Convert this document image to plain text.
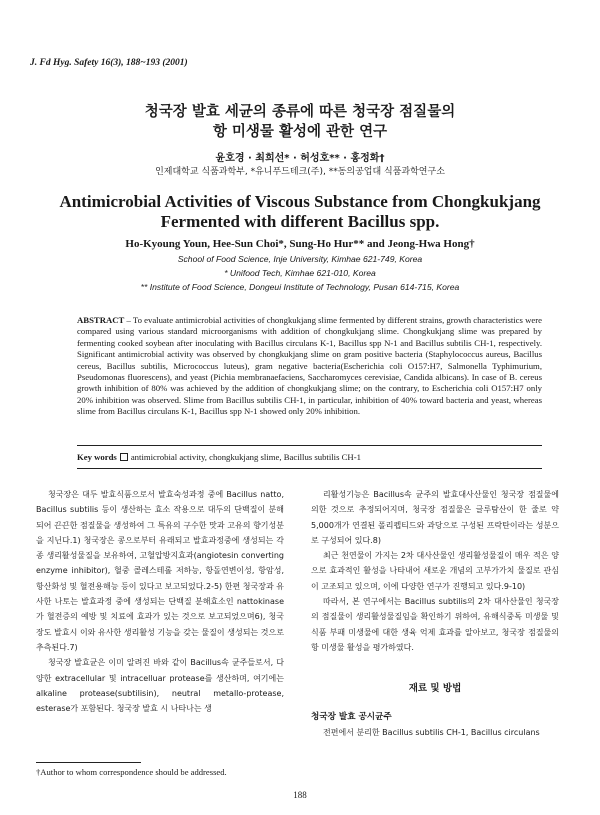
J. Fd Hyg. Safety 16(3), 188~193 (2001)
청국장 발효 세균의 종류에 따른 청국장 점질물의
항 미생물 활성에 관한 연구
윤호경 · 최희선* · 허성호** · 홍정화†
인제대학교 식품과학부, *유니푸드테크(주), **동의공업대 식품과학연구소
Antimicrobial Activities of Viscous Substance from Chongkukjang
Fermented with different Bacillus spp.
Ho-Kyoung Youn, Hee-Sun Choi*, Sung-Ho Hur** and Jeong-Hwa Hong†
School of Food Science, Inje University, Kimhae 621-749, Korea
* Unifood Tech, Kimhae 621-010, Korea
** Institute of Food Science, Dongeui Institute of Technology, Pusan 614-715, Korea
ABSTRACT – To evaluate antimicrobial activities of chongkukjang slime fermented by different strains, growth characteristics were compared using various standard microorganisms with addition of chongkukjang slime. Chongkukjang slime was prepared by fermenting cooked soybean after inoculating with Bacillus circulans K-1, Bacillus spp N-1 and Bacillus subtilis CH-1, respectively. Significant antimicrobial activity was observed by chongkukjang slime on gram positive bacteria (Staphylococcus aureus, Bacillus cereus, Bacillus subtilis, Micrococcus luteus), gram negative bacteria(Escherichia coli O157:H7, Salmonella Typhimurium, Pseudomonas fluorescens), and yeast (Pichia membranaefaciens, Saccharomyces cerevisiae, Candida albicans). In case of B. cereus growth inhibition of 80% was achieved by the addition of chongkukjang slime; on the contrary, to Escherichia coli O157:H7 only 20% inhibition was observed. Slime from Bacillus subtilis CH-1, in particular, inhibition of 40% toward bacteria and yeast, whereas slime from Bacillus circulans K-1, Bacillus spp N-1 showed only 20% inhibition.
Key words antimicrobial activity, chongkukjang slime, Bacillus subtilis CH-1

청국장은 대두 발효식품으로서 발효숙성과정 중에 Bacillus natto, Bacillus subtilis 등이 생산하는 효소 작용으로 대두의 단백질이 분해되어 끈끈한 점질물을 생성하여 그 특유의 구수한 맛과 고유의 향기성분을 지닌다.1) 청국장은 콩으로부터 유래되고 발효과정중에 생성되는 각종 생리활성물질을 보유하여, 고혈압방지효과(angiotesin converting enzyme inhibitor), 혈중 콜레스테롤 저하능, 항돌연변이성, 항암성, 항산화성 및 혈전용해능 등이 있다고 보고되었다.2-5) 한편 청국장과 유사한 나토는 발효과정 중에 생성되는 단백질 분해효소인 nattokinase가 혈전증의 예방 및 치료에 효과가 있는 것으로 보고되었으며6), 청국장도 발효시 이와 유사한 생리활성 기능을 갖는 물질이 생성되는 것으로 추측된다.7)

청국장 발효균은 이미 알려진 바와 같이 Bacillus속 균주들로서, 다양한 extracellular 및 intracelluar protease를 생산하며, 여기에는 alkaline protease(subtilisin), neutral metallo-protease, esterase가 포함된다. 청국장 발효 시 나타나는 생

리활성기능은 Bacillus속 균주의 발효대사산물인 청국장 점질물에 의한 것으로 추정되어지며, 청국장 점질물은 글루탐산이 한 줄로 약 5,000개가 연결된 폴리펩티드와 과당으로 구성된 프락탄이라는 성분으로 구성되어 있다.8)

최근 천연물이 가지는 2차 대사산물인 생리활성물질이 매우 적은 양으로 효과적인 활성을 나타내어 새로운 개념의 고부가가치 물질로 관심이 고조되고 있으며, 이에 다양한 연구가 진행되고 있다.9-10)

따라서, 본 연구에서는 Bacillus subtilis의 2차 대사산물인 청국장의 점질물이 생리활성물질임을 확인하기 위하여, 유해식중독 미생물 및 식품 부패 미생물에 대한 생육 억제 효과를 알아보고, 청국장 점질물의 항 미생물 활성을 평가하였다.

재료 및 방법
청국장 발효 공시균주
전편에서 분리한 Bacillus subtilis CH-1, Bacillus circulans
†Author to whom correspondence should be addressed.
188
